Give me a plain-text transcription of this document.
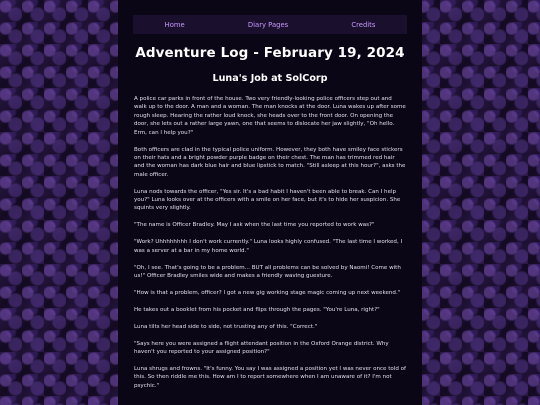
Home	Diary Pages	Credits
Adventure Log - February 19, 2024
Luna's Job at SolCorp

A police car parks in front of the house. Two very friendly-looking police officers step out and walk up to the door. A man and a woman. The man knocks at the door. Luna wakes up after some rough sleep. Hearing the rather loud knock, she heads over to the front door. On opening the door, she lets out a rather large yawn, one that seems to dislocate her jaw slightly, "Oh hello. Erm, can I help you?"

Both officers are clad in the typical police uniform. However, they both have smiley face stickers on their hats and a bright powder purple badge on their chest. The man has trimmed red hair and the woman has dark blue hair and blue lipstick to match. "Still asleep at this hour?", asks the male officer.

Luna nods towards the officer, "Yes sir. It's a bad habit I haven't been able to break. Can I help you?" Luna looks over at the officers with a smile on her face, but it's to hide her suspicion. She squints very slightly.

"The name is Officer Bradley. May I ask when the last time you reported to work was?"

"Work? Uhhhhhhhh I don't work currently." Luna looks highly confused. "The last time I worked, I was a server at a bar in my home world."

"Oh, I see. That's going to be a problem... BUT all problems can be solved by Naomi! Come with us!" Officer Bradley smiles wide and makes a friendly waving guesture.

"How is that a problem, officer? I got a new gig working stage magic coming up next weekend."

He takes out a booklet from his pocket and flips through the pages. "You're Luna, right?"

Luna tilts her head side to side, not trusting any of this. "Correct."

"Says here you were assigned a flight attendant position in the Oxford Orange district. Why haven't you reported to your assigned position?"

Luna shrugs and frowns. "It's funny. You say I was assigned a position yet I was never once told of this. So then riddle me this. How am I to report somewhere when I am unaware of it? I'm not psychic."
